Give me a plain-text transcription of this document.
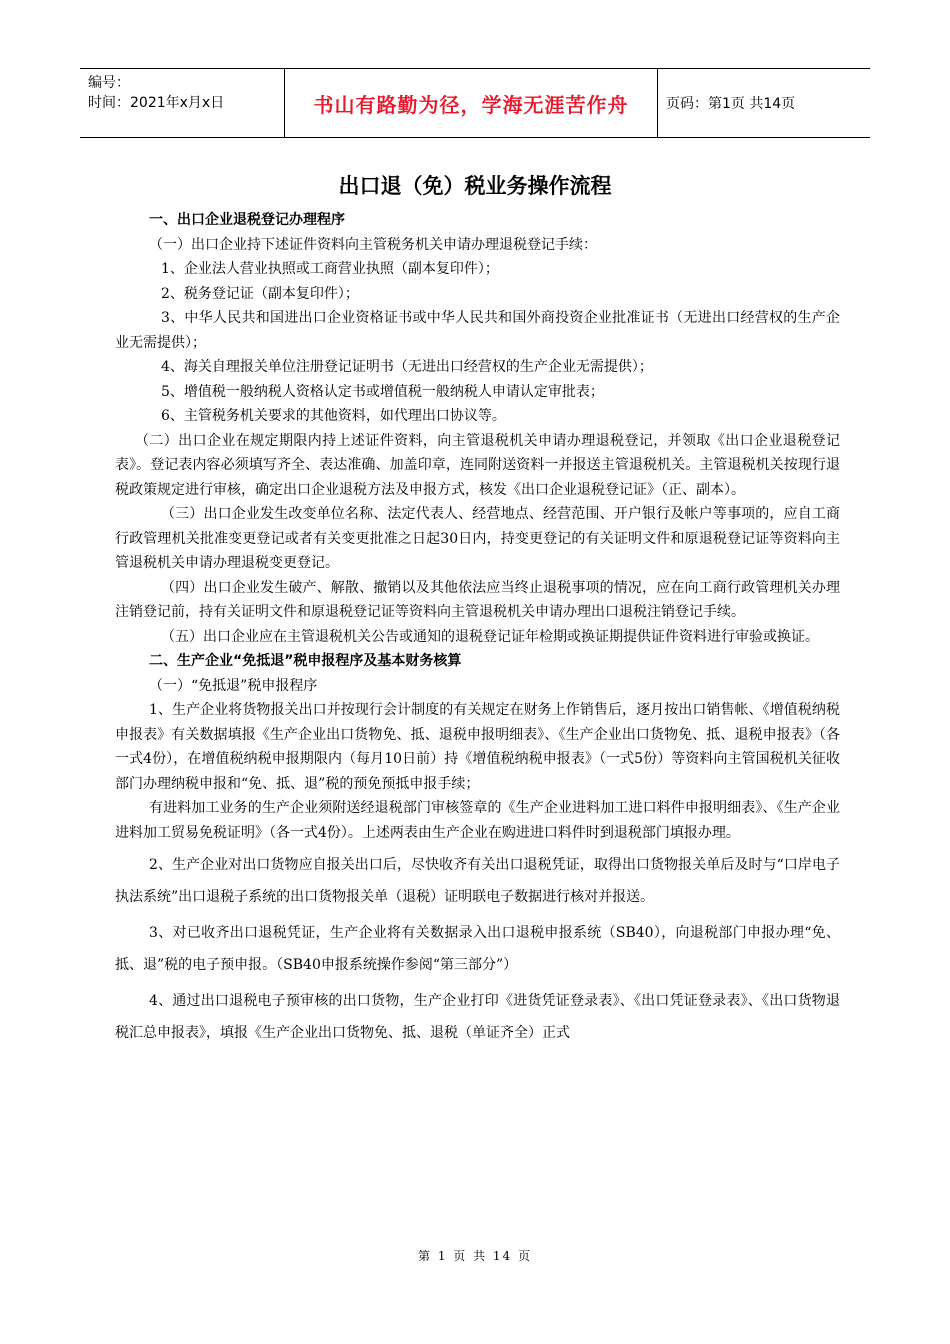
编号：
时间：2021年x月x日	书山有路勤为径，学海无涯苦作舟	页码：第1页 共14页
出口退（免）税业务操作流程

一、出口企业退税登记办理程序

（一）出口企业持下述证件资料向主管税务机关申请办理退税登记手续：

1、企业法人营业执照或工商营业执照（副本复印件）；

2、税务登记证（副本复印件）；

3、中华人民共和国进出口企业资格证书或中华人民共和国外商投资企业批准证书（无进出口经营权的生产企业无需提供）；

4、海关自理报关单位注册登记证明书（无进出口经营权的生产企业无需提供）；

5、增值税一般纳税人资格认定书或增值税一般纳税人申请认定审批表；

6、主管税务机关要求的其他资料，如代理出口协议等。

（二）出口企业在规定期限内持上述证件资料，向主管退税机关申请办理退税登记，并领取《出口企业退税登记表》。登记表内容必须填写齐全、表达准确、加盖印章，连同附送资料一并报送主管退税机关。主管退税机关按现行退税政策规定进行审核，确定出口企业退税方法及申报方式，核发《出口企业退税登记证》（正、副本）。

（三）出口企业发生改变单位名称、法定代表人、经营地点、经营范围、开户银行及帐户等事项的，应自工商行政管理机关批准变更登记或者有关变更批准之日起30日内，持变更登记的有关证明文件和原退税登记证等资料向主管退税机关申请办理退税变更登记。

（四）出口企业发生破产、解散、撤销以及其他依法应当终止退税事项的情况，应在向工商行政管理机关办理注销登记前，持有关证明文件和原退税登记证等资料向主管退税机关申请办理出口退税注销登记手续。

（五）出口企业应在主管退税机关公告或通知的退税登记证年检期或换证期提供证件资料进行审验或换证。

二、生产企业“免抵退”税申报程序及基本财务核算

（一）“免抵退”税申报程序

1、生产企业将货物报关出口并按现行会计制度的有关规定在财务上作销售后，逐月按出口销售帐、《增值税纳税申报表》有关数据填报《生产企业出口货物免、抵、退税申报明细表》、《生产企业出口货物免、抵、退税申报表》（各一式4份），在增值税纳税申报期限内（每月10日前）持《增值税纳税申报表》（一式5份）等资料向主管国税机关征收部门办理纳税申报和“免、抵、退”税的预免预抵申报手续；

有进料加工业务的生产企业须附送经退税部门审核签章的《生产企业进料加工进口料件申报明细表》、《生产企业进料加工贸易免税证明》（各一式4份）。上述两表由生产企业在购进进口料件时到退税部门填报办理。

2、生产企业对出口货物应自报关出口后，尽快收齐有关出口退税凭证，取得出口货物报关单后及时与“口岸电子执法系统”出口退税子系统的出口货物报关单（退税）证明联电子数据进行核对并报送。

3、对已收齐出口退税凭证，生产企业将有关数据录入出口退税申报系统（SB40），向退税部门申报办理“免、抵、退”税的电子预申报。（SB40申报系统操作参阅“第三部分”）

4、通过出口退税电子预审核的出口货物，生产企业打印《进货凭证登录表》、《出口凭证登录表》、《出口货物退税汇总申报表》，填报《生产企业出口货物免、抵、退税（单证齐全）正式

第 1 页 共 14 页
